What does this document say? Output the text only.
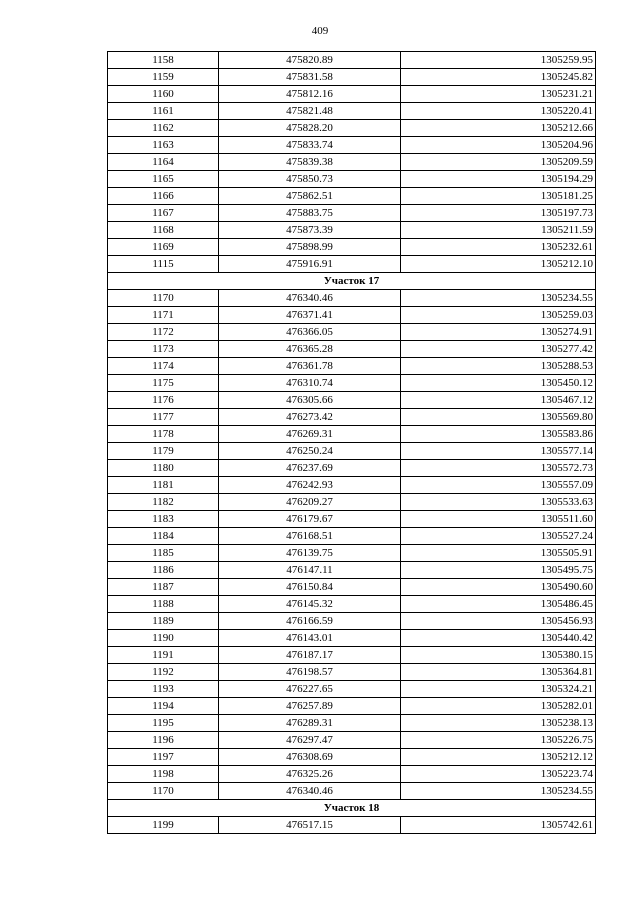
409
1158	475820.89	1305259.95
1159	475831.58	1305245.82
1160	475812.16	1305231.21
1161	475821.48	1305220.41
1162	475828.20	1305212.66
1163	475833.74	1305204.96
1164	475839.38	1305209.59
1165	475850.73	1305194.29
1166	475862.51	1305181.25
1167	475883.75	1305197.73
1168	475873.39	1305211.59
1169	475898.99	1305232.61
1115	475916.91	1305212.10
Участок 17		
1170	476340.46	1305234.55
1171	476371.41	1305259.03
1172	476366.05	1305274.91
1173	476365.28	1305277.42
1174	476361.78	1305288.53
1175	476310.74	1305450.12
1176	476305.66	1305467.12
1177	476273.42	1305569.80
1178	476269.31	1305583.86
1179	476250.24	1305577.14
1180	476237.69	1305572.73
1181	476242.93	1305557.09
1182	476209.27	1305533.63
1183	476179.67	1305511.60
1184	476168.51	1305527.24
1185	476139.75	1305505.91
1186	476147.11	1305495.75
1187	476150.84	1305490.60
1188	476145.32	1305486.45
1189	476166.59	1305456.93
1190	476143.01	1305440.42
1191	476187.17	1305380.15
1192	476198.57	1305364.81
1193	476227.65	1305324.21
1194	476257.89	1305282.01
1195	476289.31	1305238.13
1196	476297.47	1305226.75
1197	476308.69	1305212.12
1198	476325.26	1305223.74
1170	476340.46	1305234.55
Участок 18		
1199	476517.15	1305742.61
